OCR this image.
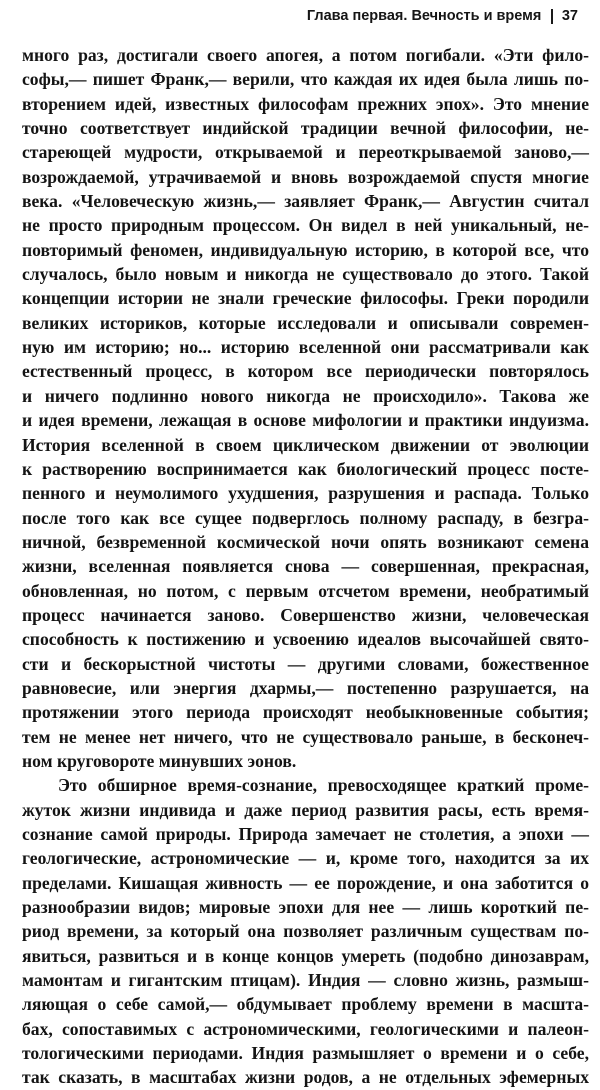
Глава первая. Вечность и время 37
много раз, достигали своего апогея, а потом погибали. «Эти фило-
софы,— пишет Франк,— верили, что каждая их идея была лишь по-
вторением идей, известных философам прежних эпох». Это мнение
точно соответствует индийской традиции вечной философии, не-
стареющей мудрости, открываемой и переоткрываемой заново,—
возрождаемой, утрачиваемой и вновь возрождаемой спустя многие
века. «Человеческую жизнь,— заявляет Франк,— Августин считал
не просто природным процессом. Он видел в ней уникальный, не-
повторимый феномен, индивидуальную историю, в которой все, что
случалось, было новым и никогда не существовало до этого. Такой
концепции истории не знали греческие философы. Греки породили
великих историков, которые исследовали и описывали современ-
ную им историю; но... историю вселенной они рассматривали как
естественный процесс, в котором все периодически повторялось
и ничего подлинно нового никогда не происходило». Такова же
и идея времени, лежащая в основе мифологии и практики индуизма.
История вселенной в своем циклическом движении от эволюции
к растворению воспринимается как биологический процесс посте-
пенного и неумолимого ухудшения, разрушения и распада. Только
после того как все сущее подверглось полному распаду, в безгра-
ничной, безвременной космической ночи опять возникают семена
жизни, вселенная появляется снова — совершенная, прекрасная,
обновленная, но потом, с первым отсчетом времени, необратимый
процесс начинается заново. Совершенство жизни, человеческая
способность к постижению и усвоению идеалов высочайшей свято-
сти и бескорыстной чистоты — другими словами, божественное
равновесие, или энергия дхармы,— постепенно разрушается, на
протяжении этого периода происходят необыкновенные события;
тем не менее нет ничего, что не существовало раньше, в бесконеч-
ном круговороте минувших эонов.
Это обширное время-сознание, превосходящее краткий проме-
жуток жизни индивида и даже период развития расы, есть время-
сознание самой природы. Природа замечает не столетия, а эпохи —
геологические, астрономические — и, кроме того, находится за их
пределами. Кишащая живность — ее порождение, и она заботится о
разнообразии видов; мировые эпохи для нее — лишь короткий пе-
риод времени, за который она позволяет различным существам по-
явиться, развиться и в конце концов умереть (подобно динозаврам,
мамонтам и гигантским птицам). Индия — словно жизнь, размыш-
ляющая о себе самой,— обдумывает проблему времени в масшта-
бах, сопоставимых с астрономическими, геологическими и палеон-
тологическими периодами. Индия размышляет о времени и о себе,
так сказать, в масштабах жизни родов, а не отдельных эфемерных
